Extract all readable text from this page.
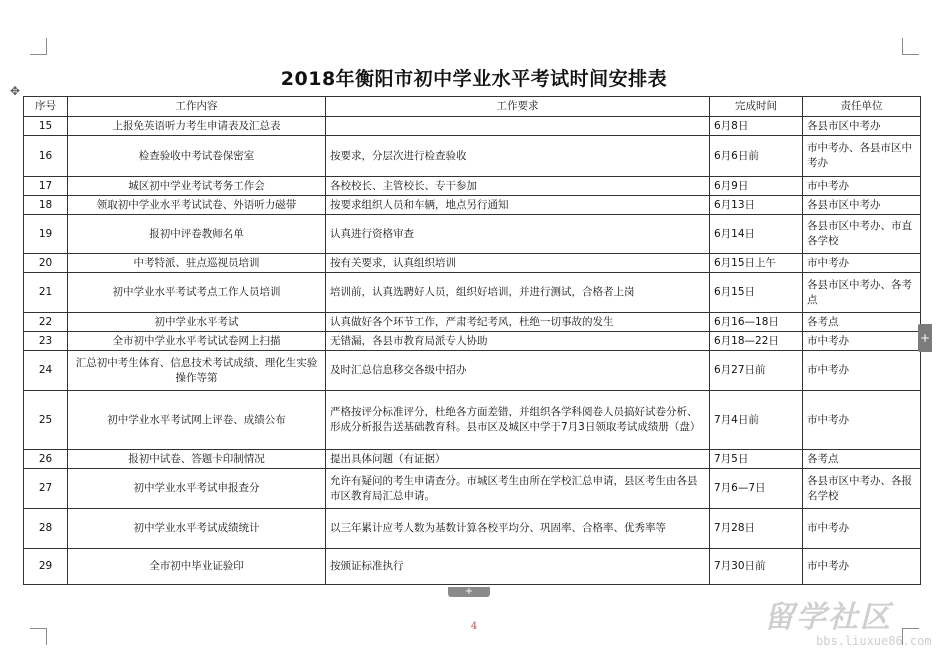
2018年衡阳市初中学业水平考试时间安排表
✥
序号	工作内容	工作要求	完成时间	责任单位
15	上报免英语听力考生申请表及汇总表		6月8日	各县市区中考办
16	检查验收中考试卷保密室	按要求，分层次进行检查验收	6月6日前	市中考办、各县市区中考办
17	城区初中学业考试考务工作会	各校校长、主管校长、专干参加	6月9日	市中考办
18	领取初中学业水平考试试卷、外语听力磁带	按要求组织人员和车辆，地点另行通知	6月13日	各县市区中考办
19	报初中评卷教师名单	认真进行资格审查	6月14日	各县市区中考办、市直各学校
20	中考特派、驻点巡视员培训	按有关要求，认真组织培训	6月15日上午	市中考办
21	初中学业水平考试考点工作人员培训	培训前，认真选聘好人员，组织好培训，并进行测试，合格者上岗	6月15日	各县市区中考办、各考点
22	初中学业水平考试	认真做好各个环节工作，严肃考纪考风，杜绝一切事故的发生	6月16—18日	各考点
23	全市初中学业水平考试试卷网上扫描	无错漏，各县市教育局派专人协助	6月18—22日	市中考办
24	汇总初中考生体育、信息技术考试成绩、理化生实验操作等第	及时汇总信息移交各级中招办	6月27日前	市中考办
25	初中学业水平考试网上评卷、成绩公布	严格按评分标准评分，杜绝各方面差错，并组织各学科阅卷人员搞好试卷分析、形成分析报告送基础教育科。县市区及城区中学于7月3日领取考试成绩册（盘）	7月4日前	市中考办
26	报初中试卷、答题卡印制情况	提出具体问题（有证据）	7月5日	各考点
27	初中学业水平考试申报查分	允许有疑问的考生申请查分。市城区考生由所在学校汇总申请，县区考生由各县市区教育局汇总申请。	7月6—7日	各县市区中考办、各报名学校
28	初中学业水平考试成绩统计	以三年累计应考人数为基数计算各校平均分、巩固率、合格率、优秀率等	7月28日	市中考办
29	全市初中毕业证验印	按颁证标准执行	7月30日前	市中考办
+
+
4	留学社区
bbs.liuxue86.com
